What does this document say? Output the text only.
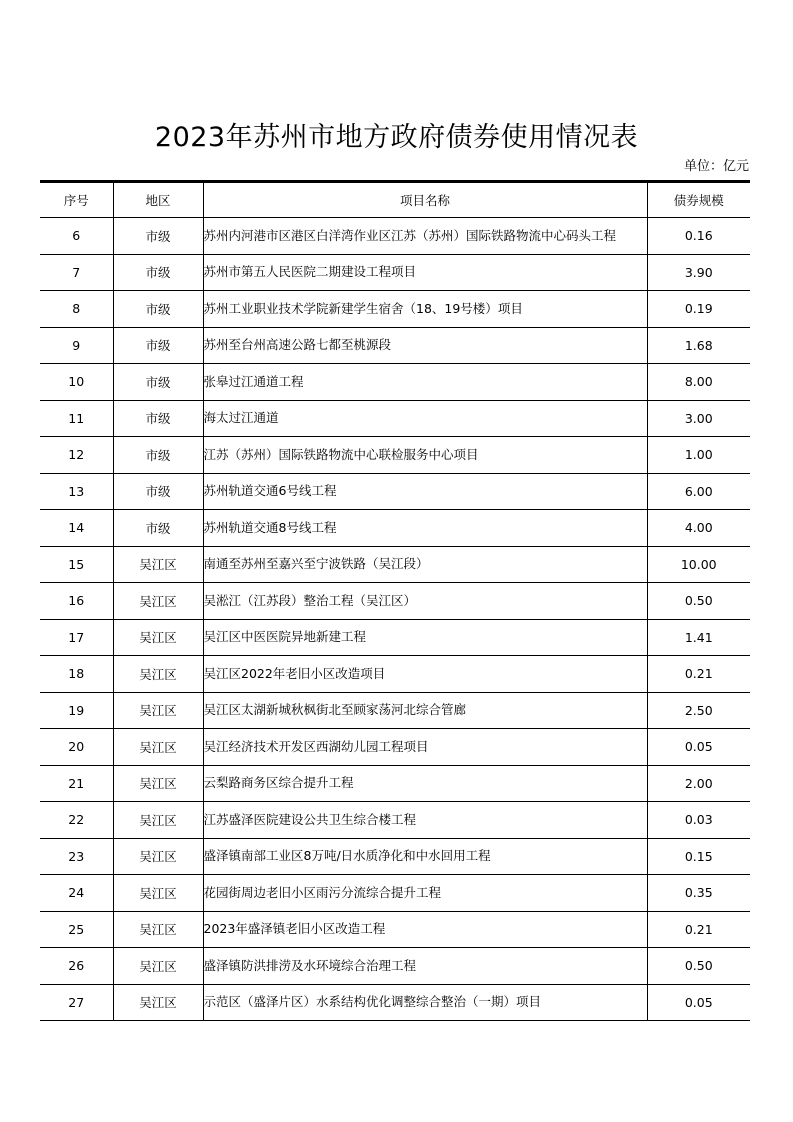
2023年苏州市地方政府债券使用情况表
单位：亿元
序号	地区	项目名称	债券规模
6	市级	苏州内河港市区港区白洋湾作业区江苏（苏州）国际铁路物流中心码头工程	0.16
7	市级	苏州市第五人民医院二期建设工程项目	3.90
8	市级	苏州工业职业技术学院新建学生宿舍（18、19号楼）项目	0.19
9	市级	苏州至台州高速公路七都至桃源段	1.68
10	市级	张皋过江通道工程	8.00
11	市级	海太过江通道	3.00
12	市级	江苏（苏州）国际铁路物流中心联检服务中心项目	1.00
13	市级	苏州轨道交通6号线工程	6.00
14	市级	苏州轨道交通8号线工程	4.00
15	吴江区	南通至苏州至嘉兴至宁波铁路（吴江段）	10.00
16	吴江区	吴淞江（江苏段）整治工程（吴江区）	0.50
17	吴江区	吴江区中医医院异地新建工程	1.41
18	吴江区	吴江区2022年老旧小区改造项目	0.21
19	吴江区	吴江区太湖新城秋枫街北至顾家荡河北综合管廊	2.50
20	吴江区	吴江经济技术开发区西湖幼儿园工程项目	0.05
21	吴江区	云梨路商务区综合提升工程	2.00
22	吴江区	江苏盛泽医院建设公共卫生综合楼工程	0.03
23	吴江区	盛泽镇南部工业区8万吨/日水质净化和中水回用工程	0.15
24	吴江区	花园街周边老旧小区雨污分流综合提升工程	0.35
25	吴江区	2023年盛泽镇老旧小区改造工程	0.21
26	吴江区	盛泽镇防洪排涝及水环境综合治理工程	0.50
27	吴江区	示范区（盛泽片区）水系结构优化调整综合整治（一期）项目	0.05
